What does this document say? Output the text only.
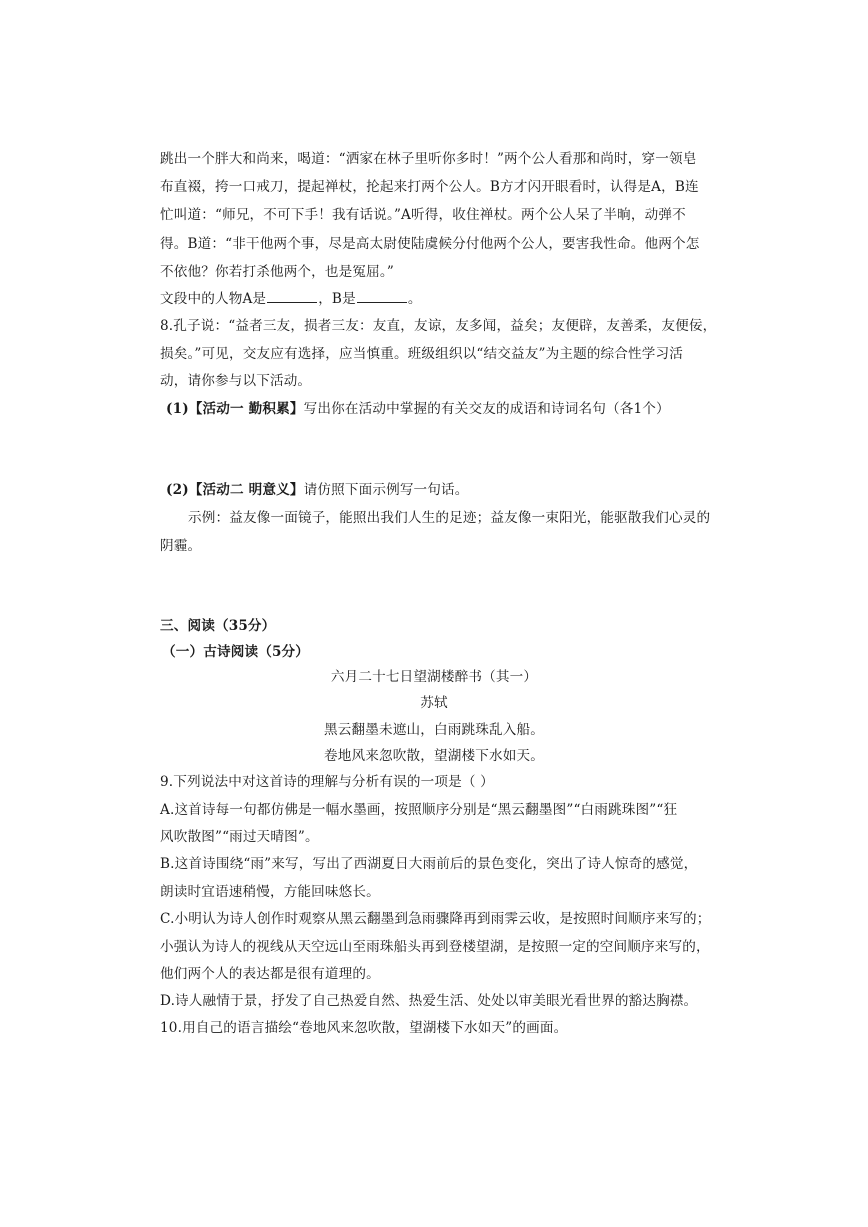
跳出一个胖大和尚来，喝道：“洒家在林子里听你多时！”两个公人看那和尚时，穿一领皂
布直裰，挎一口戒刀，提起禅杖，抡起来打两个公人。B方才闪开眼看时，认得是A，B连
忙叫道：“师兄，不可下手！我有话说。”A听得，收住禅杖。两个公人呆了半晌，动弹不
得。B道：“非干他两个事，尽是高太尉使陆虞候分付他两个公人，要害我性命。他两个怎
不依他？你若打杀他两个，也是冤屈。”
文段中的人物A是	，B是	。
8.孔子说：“益者三友，损者三友：友直，友谅，友多闻，益矣；友便辟，友善柔，友便佞，
损矣。”可见，交友应有选择，应当慎重。班级组织以“结交益友”为主题的综合性学习活
动，请你参与以下活动。
(1)【活动一 勤积累】写出你在活动中掌握的有关交友的成语和诗词名句（各1个）
(2)【活动二 明意义】请仿照下面示例写一句话。
示例：益友像一面镜子，能照出我们人生的足迹；益友像一束阳光，能驱散我们心灵的
阴霾。
三、阅读（35分）
（一）古诗阅读（5分）
六月二十七日望湖楼醉书（其一）
苏轼
黑云翻墨未遮山，白雨跳珠乱入船。
卷地风来忽吹散，望湖楼下水如天。
9.下列说法中对这首诗的理解与分析有误的一项是（ ）
A.这首诗每一句都仿佛是一幅水墨画，按照顺序分别是“黑云翻墨图”“白雨跳珠图”“狂
风吹散图”“雨过天晴图”。
B.这首诗围绕“雨”来写，写出了西湖夏日大雨前后的景色变化，突出了诗人惊奇的感觉，
朗读时宜语速稍慢，方能回味悠长。
C.小明认为诗人创作时观察从黑云翻墨到急雨骤降再到雨霁云收，是按照时间顺序来写的；
小强认为诗人的视线从天空远山至雨珠船头再到登楼望湖，是按照一定的空间顺序来写的，
他们两个人的表达都是很有道理的。
D.诗人融情于景，抒发了自己热爱自然、热爱生活、处处以审美眼光看世界的豁达胸襟。
10.用自己的语言描绘“卷地风来忽吹散，望湖楼下水如天”的画面。
